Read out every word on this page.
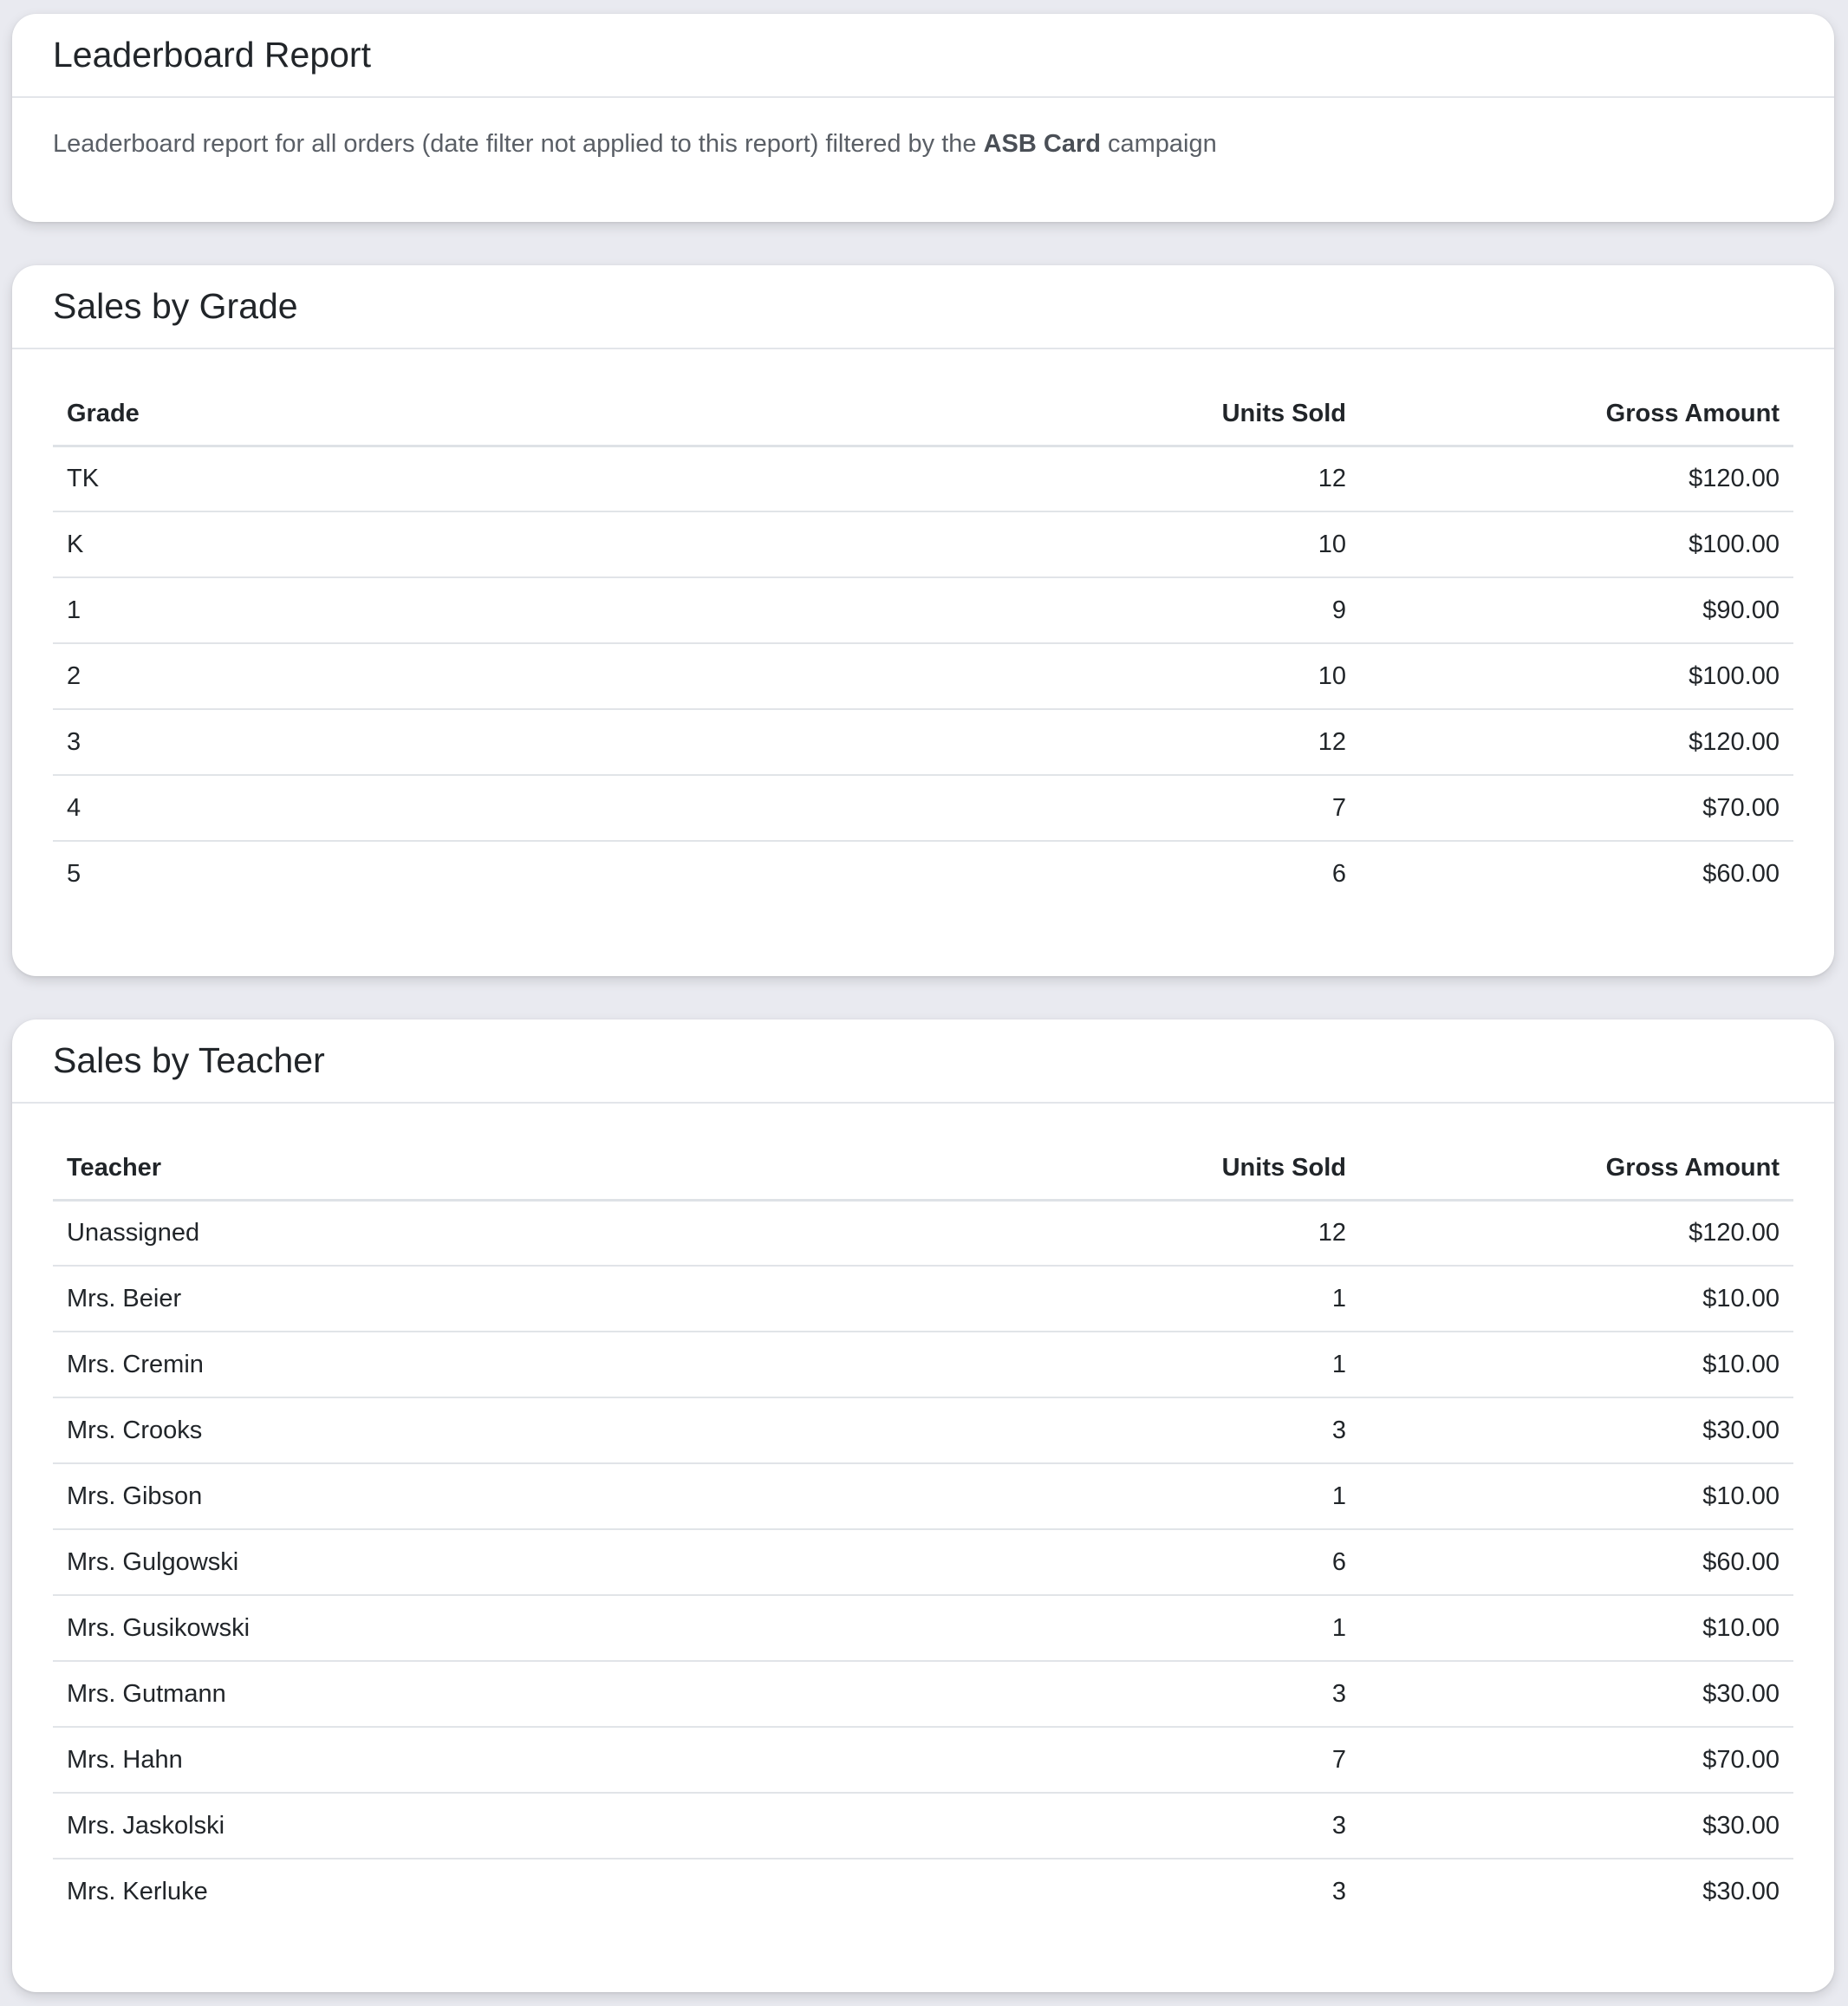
Leaderboard Report

Leaderboard report for all orders (date filter not applied to this report) filtered by the ASB Card campaign

Sales by Grade
Grade	Units Sold	Gross Amount
TK	12	$120.00
K	10	$100.00
1	9	$90.00
2	10	$100.00
3	12	$120.00
4	7	$70.00
5	6	$60.00
Sales by Teacher
Teacher	Units Sold	Gross Amount
Unassigned	12	$120.00
Mrs. Beier	1	$10.00
Mrs. Cremin	1	$10.00
Mrs. Crooks	3	$30.00
Mrs. Gibson	1	$10.00
Mrs. Gulgowski	6	$60.00
Mrs. Gusikowski	1	$10.00
Mrs. Gutmann	3	$30.00
Mrs. Hahn	7	$70.00
Mrs. Jaskolski	3	$30.00
Mrs. Kerluke	3	$30.00
